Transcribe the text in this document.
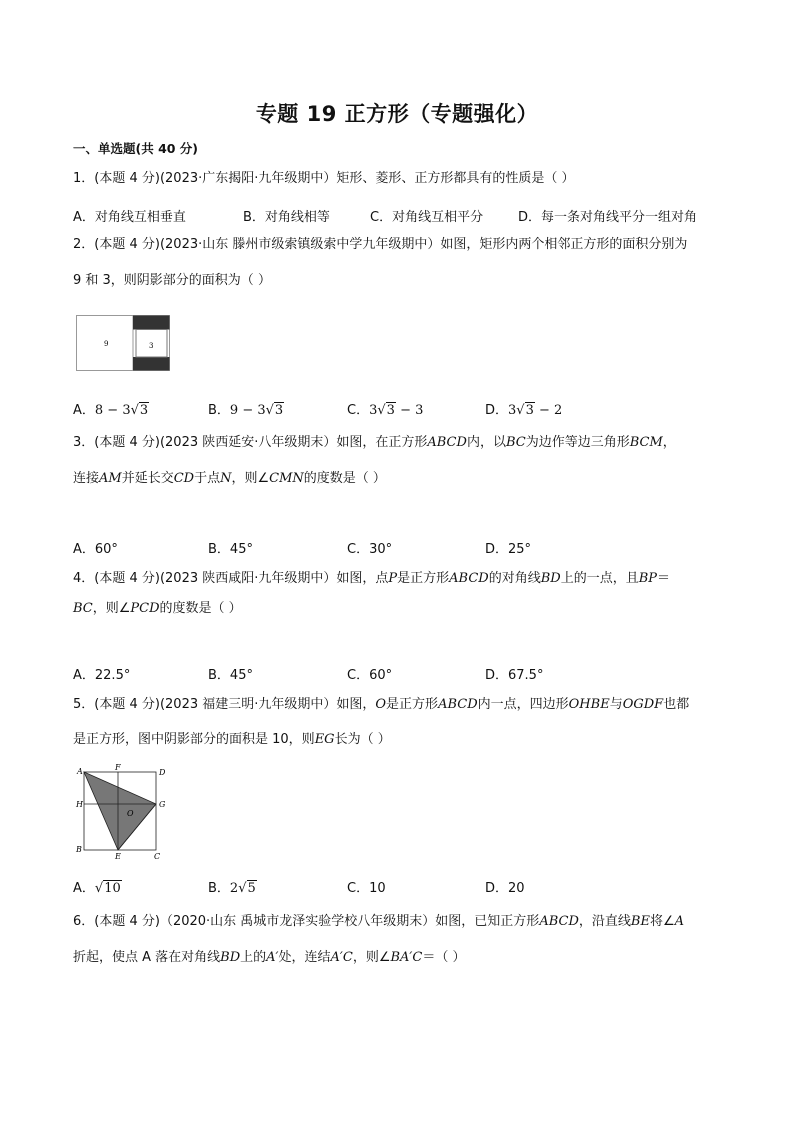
专题 19 正方形（专题强化）
一、单选题(共 40 分)
1．(本题 4 分)(2023·广东揭阳·九年级期中）矩形、菱形、正方形都具有的性质是（ ）
A．对角线互相垂直	B．对角线相等	C．对角线互相平分	D．每一条对角线平分一组对角
2．(本题 4 分)(2023·山东 滕州市级索镇级索中学九年级期中）如图，矩形内两个相邻正方形的面积分别为
9 和 3，则阴影部分的面积为（ ）
9	3
A．8 − 3√3	B．9 − 3√3	C．3√3 − 3	D．3√3 − 2
3．(本题 4 分)(2023 陕西延安·八年级期末）如图，在正方形ABCD内，以BC为边作等边三角形BCM，
连接AM并延长交CD于点N，则∠CMN的度数是（ ）
A．60°	B．45°	C．30°	D．25°
4．(本题 4 分)(2023 陕西咸阳·九年级期中）如图，点P是正方形ABCD的对角线BD上的一点，且BP＝
BC，则∠PCD的度数是（ ）
A．22.5°	B．45°	C．60°	D．67.5°
5．(本题 4 分)(2023 福建三明·九年级期中）如图，O是正方形ABCD内一点，四边形OHBE与OGDF也都
是正方形，图中阴影部分的面积是 10，则EG长为（ ）
A	F
D
H
O
G
B
E	C
A．√10	B．2√5	C．10	D．20
6．(本题 4 分)（2020·山东 禹城市龙泽实验学校八年级期末）如图，已知正方形ABCD，沿直线BE将∠A
折起，使点 A 落在对角线BD上的A′处，连结A′C，则∠BA′C＝（ ）
